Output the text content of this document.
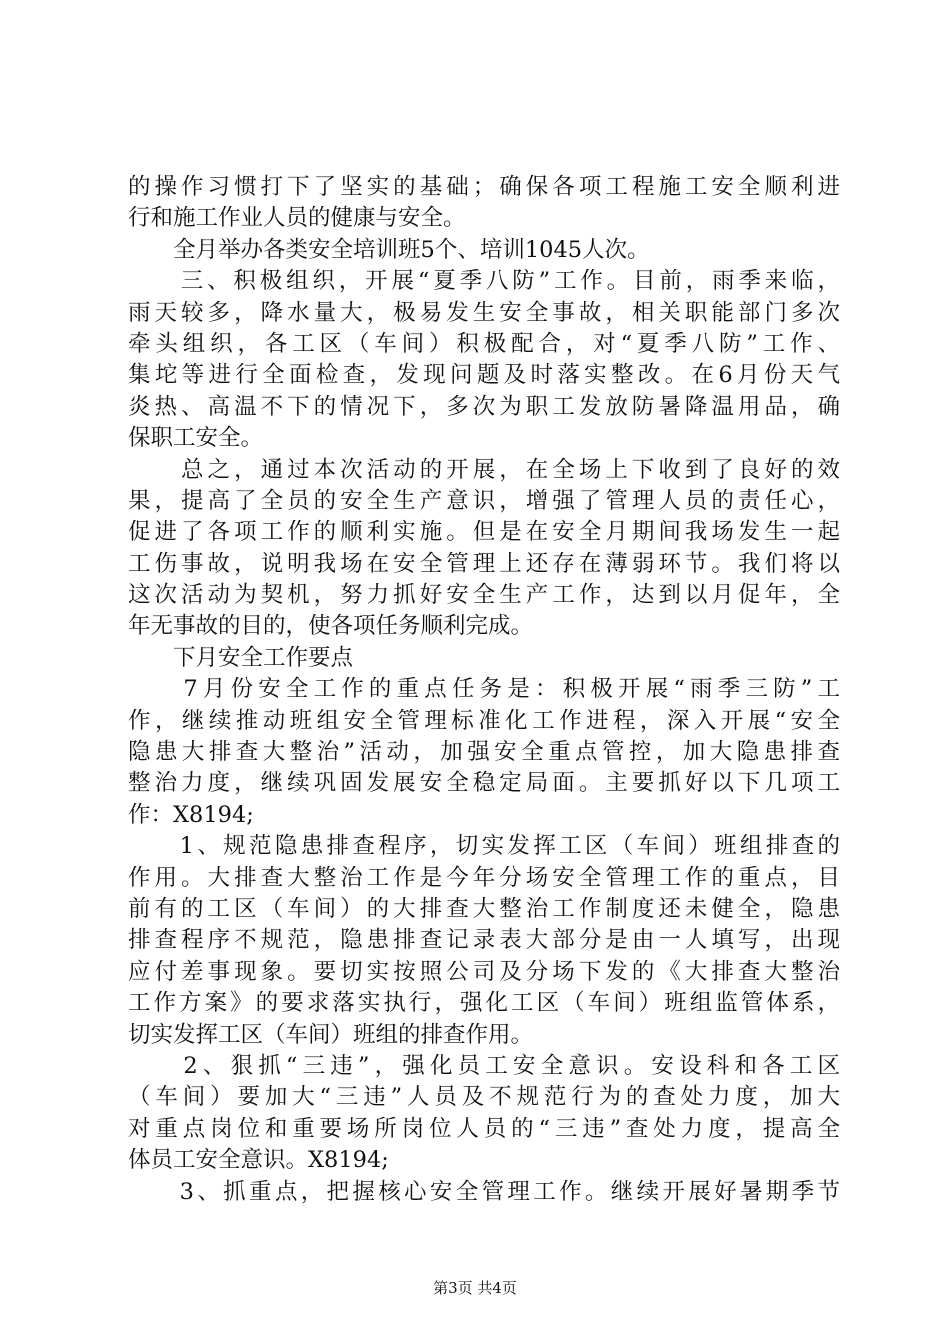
的操作习惯打下了坚实的基础；确保各项工程施工安全顺利进
行和施工作业人员的健康与安全。
　　全月举办各类安全培训班5个、培训1045人次。
　　三、积极组织，开展“夏季八防”工作。目前，雨季来临，
雨天较多，降水量大，极易发生安全事故，相关职能部门多次
牵头组织，各工区（车间）积极配合，对“夏季八防”工作、
集坨等进行全面检查，发现问题及时落实整改。在6月份天气
炎热、高温不下的情况下，多次为职工发放防暑降温用品，确
保职工安全。
　　总之，通过本次活动的开展，在全场上下收到了良好的效
果，提高了全员的安全生产意识，增强了管理人员的责任心，
促进了各项工作的顺利实施。但是在安全月期间我场发生一起
工伤事故，说明我场在安全管理上还存在薄弱环节。我们将以
这次活动为契机，努力抓好安全生产工作，达到以月促年，全
年无事故的目的，使各项任务顺利完成。
　　下月安全工作要点
　　7月份安全工作的重点任务是：积极开展“雨季三防”工
作，继续推动班组安全管理标准化工作进程，深入开展“安全
隐患大排查大整治”活动，加强安全重点管控，加大隐患排查
整治力度，继续巩固发展安全稳定局面。主要抓好以下几项工
作：X8194;
　　1、规范隐患排查程序，切实发挥工区（车间）班组排查的
作用。大排查大整治工作是今年分场安全管理工作的重点，目
前有的工区（车间）的大排查大整治工作制度还未健全，隐患
排查程序不规范，隐患排查记录表大部分是由一人填写，出现
应付差事现象。要切实按照公司及分场下发的《大排查大整治
工作方案》的要求落实执行，强化工区（车间）班组监管体系，
切实发挥工区（车间）班组的排查作用。
　　2、狠抓“三违”，强化员工安全意识。安设科和各工区
（车间）要加大“三违”人员及不规范行为的查处力度，加大
对重点岗位和重要场所岗位人员的“三违”查处力度，提高全
体员工安全意识。X8194;
　　3、抓重点，把握核心安全管理工作。继续开展好暑期季节
第3页 共4页
